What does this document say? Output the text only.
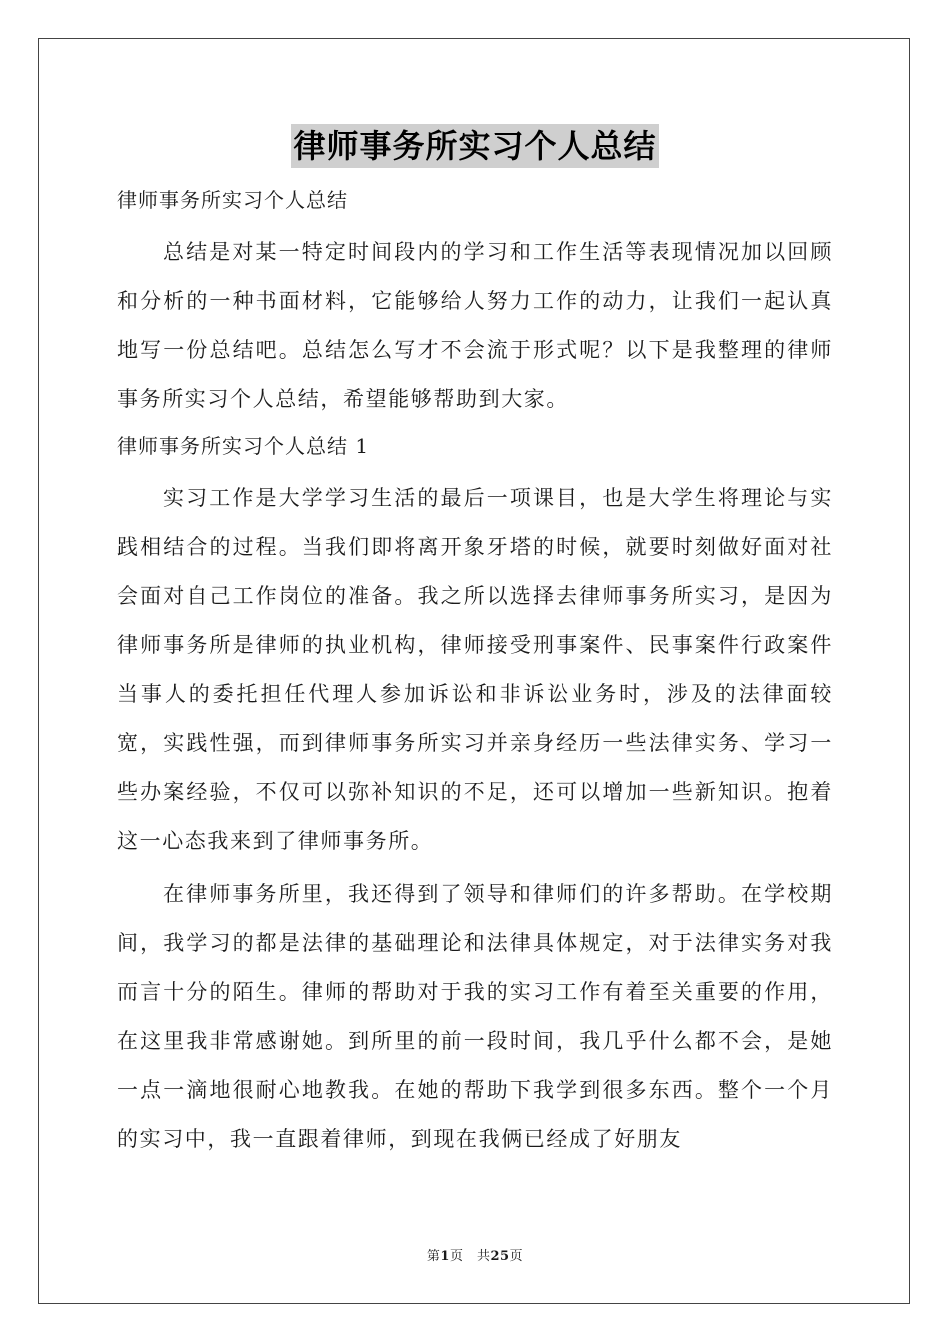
律师事务所实习个人总结

律师事务所实习个人总结

总结是对某一特定时间段内的学习和工作生活等表现情况加以回顾和分析的一种书面材料，它能够给人努力工作的动力，让我们一起认真地写一份总结吧。总结怎么写才不会流于形式呢？以下是我整理的律师事务所实习个人总结，希望能够帮助到大家。

律师事务所实习个人总结 1

实习工作是大学学习生活的最后一项课目，也是大学生将理论与实践相结合的过程。当我们即将离开象牙塔的时候，就要时刻做好面对社会面对自己工作岗位的准备。我之所以选择去律师事务所实习，是因为律师事务所是律师的执业机构，律师接受刑事案件、民事案件行政案件当事人的委托担任代理人参加诉讼和非诉讼业务时，涉及的法律面较宽，实践性强，而到律师事务所实习并亲身经历一些法律实务、学习一些办案经验，不仅可以弥补知识的不足，还可以增加一些新知识。抱着这一心态我来到了律师事务所。

在律师事务所里，我还得到了领导和律师们的许多帮助。在学校期间，我学习的都是法律的基础理论和法律具体规定，对于法律实务对我而言十分的陌生。律师的帮助对于我的实习工作有着至关重要的作用，在这里我非常感谢她。到所里的前一段时间，我几乎什么都不会，是她一点一滴地很耐心地教我。在她的帮助下我学到很多东西。整个一个月的实习中，我一直跟着律师，到现在我俩已经成了好朋友

第1页　共25页
